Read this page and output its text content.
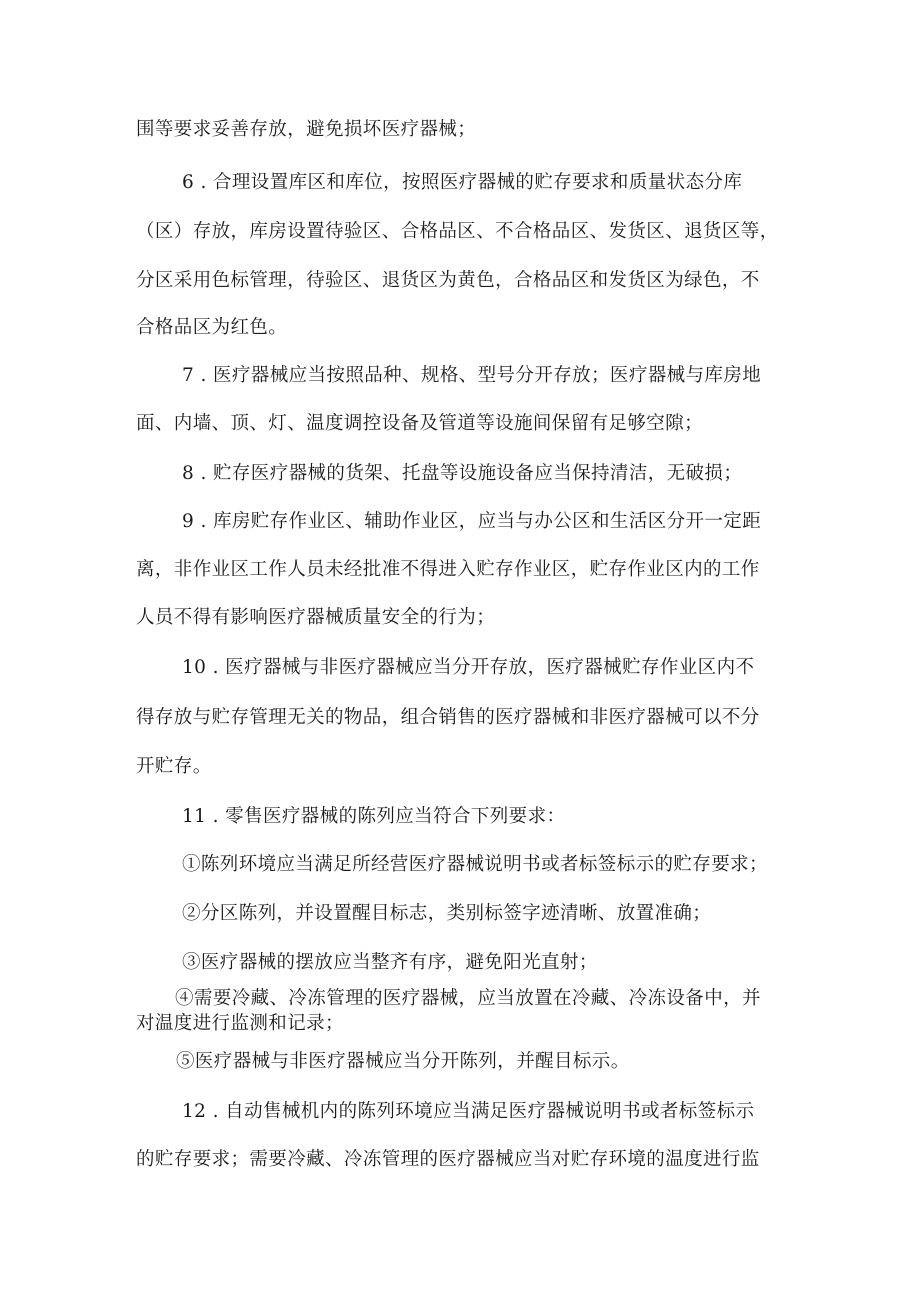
围等要求妥善存放，避免损坏医疗器械；

6 . 合理设置库区和库位，按照医疗器械的贮存要求和质量状态分库

（区）存放，库房设置待验区、合格品区、不合格品区、发货区、退货区等，

分区采用色标管理，待验区、退货区为黄色，合格品区和发货区为绿色，不

合格品区为红色。

7 . 医疗器械应当按照品种、规格、型号分开存放；医疗器械与库房地

面、内墙、顶、灯、温度调控设备及管道等设施间保留有足够空隙；

8 . 贮存医疗器械的货架、托盘等设施设备应当保持清洁，无破损；

9 . 库房贮存作业区、辅助作业区，应当与办公区和生活区分开一定距

离，非作业区工作人员未经批准不得进入贮存作业区，贮存作业区内的工作

人员不得有影响医疗器械质量安全的行为；

10 . 医疗器械与非医疗器械应当分开存放，医疗器械贮存作业区内不

得存放与贮存管理无关的物品，组合销售的医疗器械和非医疗器械可以不分

开贮存。

11 . 零售医疗器械的陈列应当符合下列要求：

①陈列环境应当满足所经营医疗器械说明书或者标签标示的贮存要求；

②分区陈列，并设置醒目标志，类别标签字迹清晰、放置准确；

③医疗器械的摆放应当整齐有序，避免阳光直射；

④需要冷藏、冷冻管理的医疗器械，应当放置在冷藏、冷冻设备中，并

对温度进行监测和记录；

⑤医疗器械与非医疗器械应当分开陈列，并醒目标示。

12 . 自动售械机内的陈列环境应当满足医疗器械说明书或者标签标示

的贮存要求；需要冷藏、冷冻管理的医疗器械应当对贮存环境的温度进行监
